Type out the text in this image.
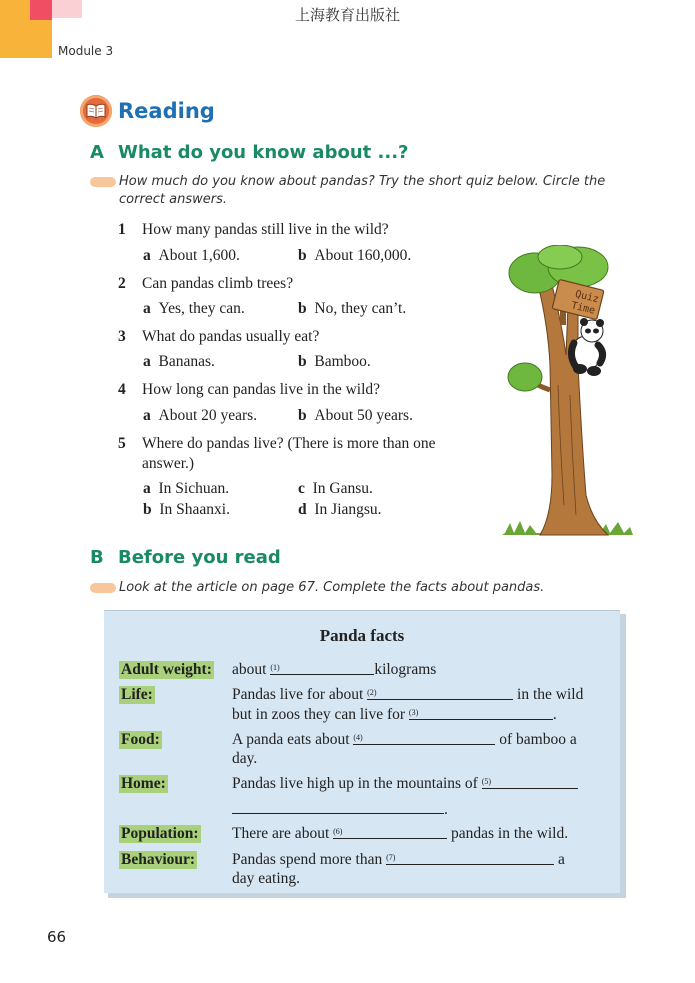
上海教育出版社
Module 3
Reading
A What do you know about ...?
How much do you know about pandas? Try the short quiz below. Circle the correct answers.
1 How many pandas still live in the wild?
a About 1,600.	b About 160,000.
2 Can pandas climb trees?
a Yes, they can.	b No, they can’t.
3 What do pandas usually eat?
a Bananas.	b Bamboo.
4 How long can pandas live in the wild?
a About 20 years.	b About 50 years.
5 Where do pandas live? (There is more than one
answer.)
a In Sichuan.	c In Gansu.
b In Shaanxi.	d In Jiangsu.
Quiz
Time
B Before you read
Look at the article on page 67. Complete the facts about pandas.
Panda facts
Adult weight: about $^{(1)}$	kilograms
Life:	Pandas live for about $^{(2)}$	in the wild
but in zoos they can live for $^{(3)}$	.
Food:	A panda eats about $^{(4)}$	of bamboo a
day.
Home:	Pandas live high up in the mountains of $^{(5)}$
.
Population: There are about $^{(6)}$	pandas in the wild.
Behaviour: Pandas spend more than $^{(7)}$	a
day eating.
66
